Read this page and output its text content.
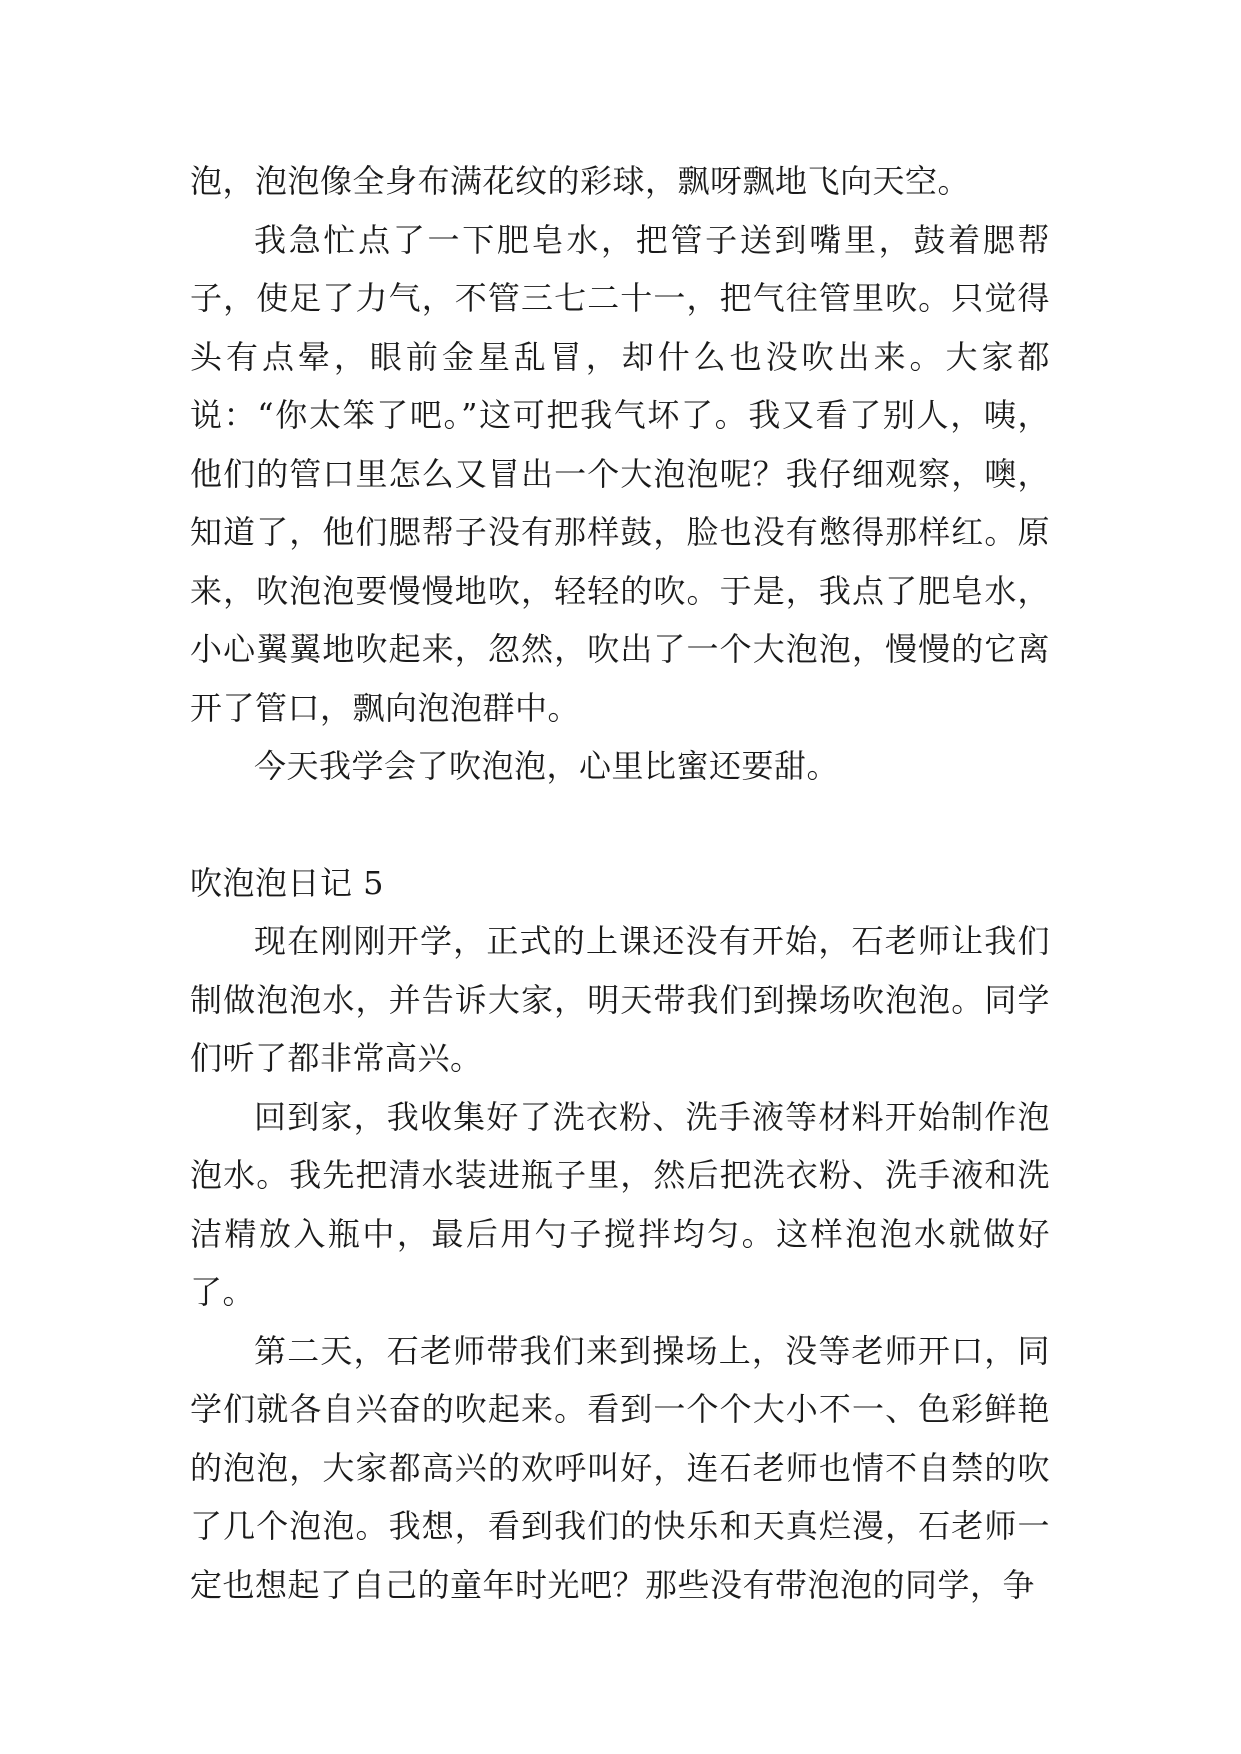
泡，泡泡像全身布满花纹的彩球，飘呀飘地飞向天空。

我急忙点了一下肥皂水，把管子送到嘴里，鼓着腮帮子，使足了力气，不管三七二十一，把气往管里吹。只觉得头有点晕，眼前金星乱冒，却什么也没吹出来。大家都说：“你太笨了吧。”这可把我气坏了。我又看了别人，咦，他们的管口里怎么又冒出一个大泡泡呢？我仔细观察，噢，知道了，他们腮帮子没有那样鼓，脸也没有憋得那样红。原来，吹泡泡要慢慢地吹，轻轻的吹。于是，我点了肥皂水，小心翼翼地吹起来，忽然，吹出了一个大泡泡，慢慢的它离开了管口，飘向泡泡群中。

今天我学会了吹泡泡，心里比蜜还要甜。

吹泡泡日记 5

现在刚刚开学，正式的上课还没有开始，石老师让我们制做泡泡水，并告诉大家，明天带我们到操场吹泡泡。同学们听了都非常高兴。

回到家，我收集好了洗衣粉、洗手液等材料开始制作泡泡水。我先把清水装进瓶子里，然后把洗衣粉、洗手液和洗洁精放入瓶中，最后用勺子搅拌均匀。这样泡泡水就做好了。

第二天，石老师带我们来到操场上，没等老师开口，同学们就各自兴奋的吹起来。看到一个个大小不一、色彩鲜艳的泡泡，大家都高兴的欢呼叫好，连石老师也情不自禁的吹了几个泡泡。我想，看到我们的快乐和天真烂漫，石老师一定也想起了自己的童年时光吧？那些没有带泡泡的同学，争
